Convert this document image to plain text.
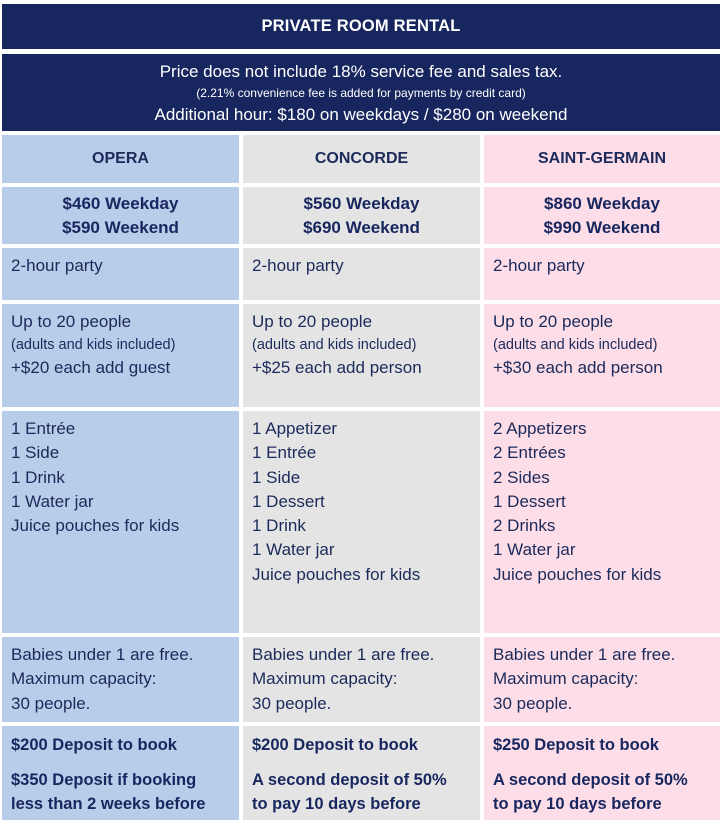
PRIVATE ROOM RENTAL
Price does not include 18% service fee and sales tax.
(2.21% convenience fee is added for payments by credit card)
Additional hour: $180 on weekdays / $280 on weekend
OPERA
$460 Weekday
$590 Weekend
2-hour party
Up to 20 people
(adults and kids included)
+$20 each add guest
1 Entrée
1 Side
1 Drink
1 Water jar
Juice pouches for kids
Babies under 1 are free.
Maximum capacity:
30 people.
$200 Deposit to book
$350 Deposit if booking
less than 2 weeks before
CONCORDE
$560 Weekday
$690 Weekend
2-hour party
Up to 20 people
(adults and kids included)
+$25 each add person
1 Appetizer
1 Entrée
1 Side
1 Dessert
1 Drink
1 Water jar
Juice pouches for kids
Babies under 1 are free.
Maximum capacity:
30 people.
$200 Deposit to book
A second deposit of 50%
to pay 10 days before
SAINT-GERMAIN
$860 Weekday
$990 Weekend
2-hour party
Up to 20 people
(adults and kids included)
+$30 each add person
2 Appetizers
2 Entrées
2 Sides
1 Dessert
2 Drinks
1 Water jar
Juice pouches for kids
Babies under 1 are free.
Maximum capacity:
30 people.
$250 Deposit to book
A second deposit of 50%
to pay 10 days before
